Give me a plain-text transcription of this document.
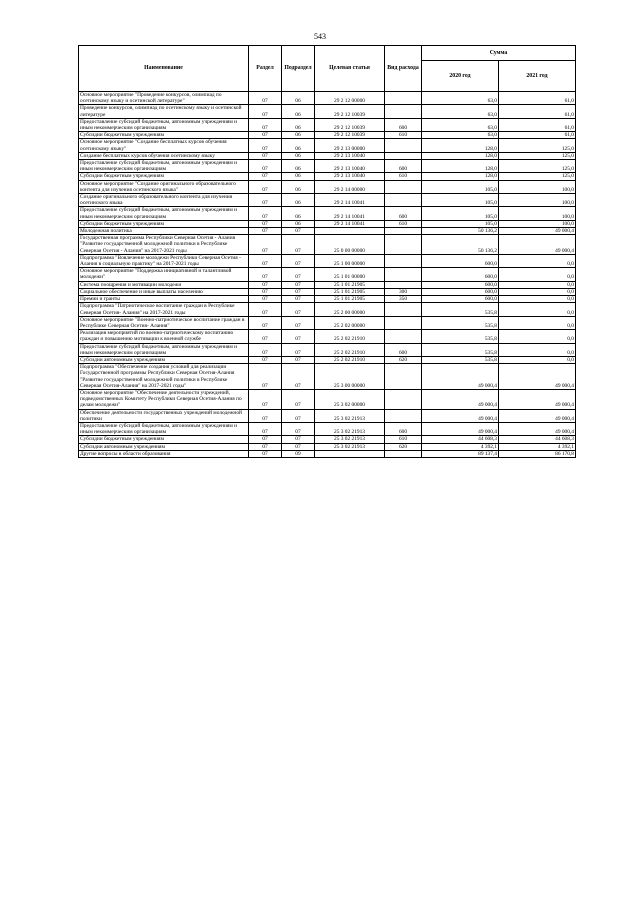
543
Наименование	Раздел	Подраздел	Целевая статья	Вид расхода	Сумма	
					2020 год	2021 год
Основное мероприятие "Проведение конкурсов, олимпиад по осетинскому языку и осетинской литературе"	07	06	29 2 12 00000		63,0	61,0
Проведение конкурсов, олимпиад по осетинскому языку и осетинской литературе	07	06	29 2 12 10039		63,0	61,0
Предоставление субсидий бюджетным, автономным учреждениям и иным некоммерческим организациям	07	06	29 2 12 10039	600	63,0	61,0
Субсидии бюджетным учреждениям	07	06	29 2 12 10039	610	63,0	61,0
Основное мероприятие "Создание бесплатных курсов обучения осетинскому языку"	07	06	29 2 13 00000		128,0	125,0
Создание бесплатных курсов обучения осетинскому языку	07	06	29 2 13 10040		128,0	125,0
Предоставление субсидий бюджетным, автономным учреждениям и иным некоммерческим организациям	07	06	29 2 13 10040	600	128,0	125,0
Субсидии бюджетным учреждениям	07	06	29 2 13 10040	610	128,0	125,0
Основное мероприятие "Создание оригинального образовательного контента для изучения осетинского языка"	07	06	29 2 14 00000		105,0	100,0
Создание оригинального образовательного контента для изучения осетинского языка	07	06	29 2 14 10041		105,0	100,0
Предоставление субсидий бюджетным, автономным учреждениям и иным некоммерческим организациям	07	06	29 2 14 10041	600	105,0	100,0
Субсидии бюджетным учреждениям	07	06	29 2 14 10041	610	105,0	100,0
Молодежная политика	07	07			50 136,2	49 000,4
Государственная программа Республики Северная Осетия - Алания "Развитие государственной молодежной политики в Республике Северная Осетия - Алания" на 2017-2021 годы	07	07	25 0 00 00000		50 136,2	49 000,4
Подпрограмма "Вовлечение молодежи Республики Северная Осетия - Алания в социальную практику" на 2017-2021 годы	07	07	25 1 00 00000		600,0	0,0
Основное мероприятие "Поддержка инициативной и талантливой молодежи"	07	07	25 1 01 00000		600,0	0,0
Система поощрения и мотивации молодежи	07	07	25 1 01 21905		600,0	0,0
Социальное обеспечение и иные выплаты населению	07	07	25 1 01 21905	300	600,0	0,0
Премии и гранты	07	07	25 1 01 21905	350	600,0	0,0
Подпрограмма "Патриотическое воспитание граждан в Республике Северная Осетия- Алания" на 2017-2021 годы	07	07	25 2 00 00000		535,8	0,0
Основное мероприятие "Военно-патриотическое воспитание граждан в Республике Северная Осетия- Алания"	07	07	25 2 02 00000		535,8	0,0
Реализация мероприятий по военно-патриотическому воспитанию граждан и повышению мотивации к военной службе	07	07	25 2 02 21910		535,8	0,0
Предоставление субсидий бюджетным, автономным учреждениям и иным некоммерческим организациям	07	07	25 2 02 21910	600	535,8	0,0
Субсидии автономным учреждениям	07	07	25 2 02 21910	620	535,8	0,0
Подпрограмма "Обеспечение создания условий для реализации Государственной программы Республики Северная Осетия-Алания "Развитие государственной молодежной политики в Республике Северная Осетия-Алания" на 2017-2021 годы"	07	07	25 3 00 00000		49 000,4	49 000,4
Основное мероприятие "Обеспечение деятельности учреждений, подведомственных Комитету Республики Северная Осетия-Алания по делам молодежи"	07	07	25 3 02 00000		49 000,4	49 000,4
Обеспечение деятельности государственных учреждений молодежной политики	07	07	25 3 02 21913		49 000,4	49 000,4
Предоставление субсидий бюджетным, автономным учреждениям и иным некоммерческим организациям	07	07	25 3 02 21913	600	49 000,4	49 000,4
Субсидии бюджетным учреждениям	07	07	25 3 02 21913	610	44 608,3	44 608,3
Субсидии автономным учреждениям	07	07	25 3 02 21913	620	4 392,1	4 392,1
Другие вопросы в области образования	07	09			89 137,4	86 170,8
